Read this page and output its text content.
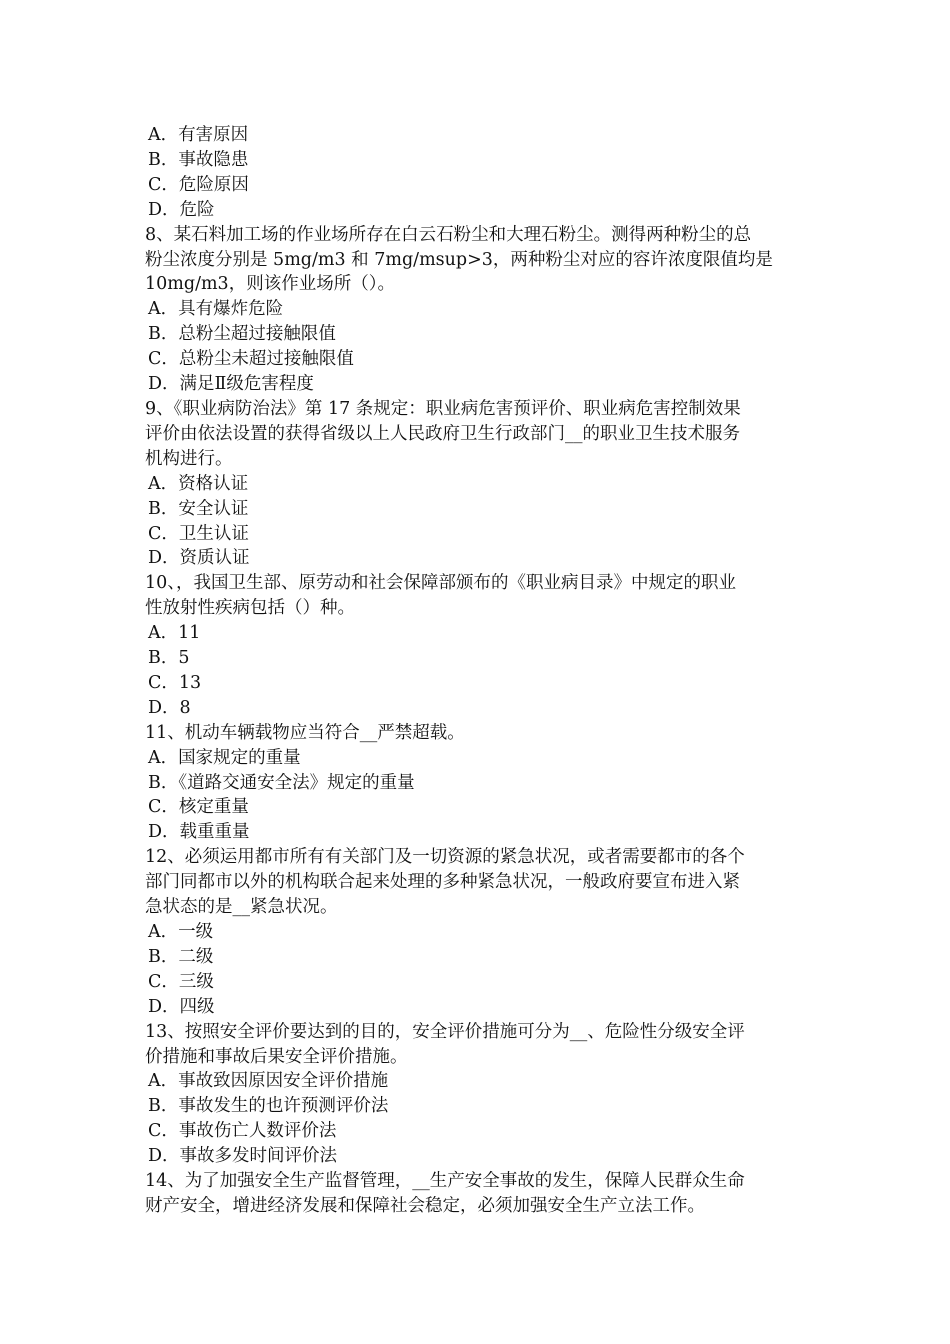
A．有害原因
B．事故隐患
C．危险原因
D．危险
8、某石料加工场的作业场所存在白云石粉尘和大理石粉尘。测得两种粉尘的总
粉尘浓度分别是 5mg/m3 和 7mg/msup>3，两种粉尘对应的容许浓度限值均是
10mg/m3，则该作业场所（）。
A．具有爆炸危险
B．总粉尘超过接触限值
C．总粉尘未超过接触限值
D．满足Ⅱ级危害程度
9、《职业病防治法》第 17 条规定：职业病危害预评价、职业病危害控制效果
评价由依法设置的获得省级以上人民政府卫生行政部门__的职业卫生技术服务
机构进行。
A．资格认证
B．安全认证
C．卫生认证
D．资质认证
10、，我国卫生部、原劳动和社会保障部颁布的《职业病目录》中规定的职业
性放射性疾病包括（）种。
A．11
B．5
C．13
D．8
11、机动车辆载物应当符合__严禁超载。
A．国家规定的重量
B．《道路交通安全法》规定的重量
C．核定重量
D．载重重量
12、必须运用都市所有有关部门及一切资源的紧急状况，或者需要都市的各个
部门同都市以外的机构联合起来处理的多种紧急状况，一般政府要宣布进入紧
急状态的是__紧急状况。
A．一级
B．二级
C．三级
D．四级
13、按照安全评价要达到的目的，安全评价措施可分为__、危险性分级安全评
价措施和事故后果安全评价措施。
A．事故致因原因安全评价措施
B．事故发生的也许预测评价法
C．事故伤亡人数评价法
D．事故多发时间评价法
14、为了加强安全生产监督管理，__生产安全事故的发生，保障人民群众生命
财产安全，增进经济发展和保障社会稳定，必须加强安全生产立法工作。
